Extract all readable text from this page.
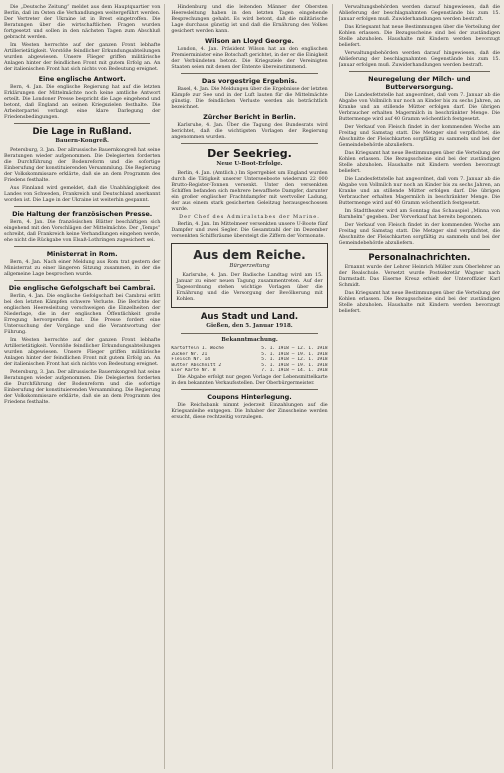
Die „Deutsche Zeitung“ meldet aus dem Hauptquartier von Berlin, daß im Osten die Verhandlungen weitergeführt werden. Der Vertreter der Ukraine ist in Brest eingetroffen. Die Beratungen über die wirtschaftlichen Fragen wurden fortgesetzt und sollen in den nächsten Tagen zum Abschluß gebracht werden.

Im Westen herrschte auf der ganzen Front lebhafte Artillerietätigkeit. Vorstöße feindlicher Erkundungsabteilungen wurden abgewiesen. Unsere Flieger griffen militärische Anlagen hinter der feindlichen Front mit gutem Erfolg an. An der italienischen Front hat sich nichts von Bedeutung ereignet.

Eine englische Antwort.

Bern, 4. Jan. Die englische Regierung hat auf die letzten Erklärungen der Mittelmächte noch keine amtliche Antwort erteilt. Die Londoner Presse bespricht die Lage eingehend und betont, daß England an seinen Kriegszielen festhalte. Die Arbeiterpartei verlangt eine klare Darlegung der Friedensbedingungen.

Die Lage in Rußland.
Bauern-Kongreß.

Petersburg, 3. Jan. Der allrussische Bauernkongreß hat seine Beratungen wieder aufgenommen. Die Delegierten forderten die Durchführung der Bodenreform und die sofortige Einberufung der konstituierenden Versammlung. Die Regierung der Volkskommissare erklärte, daß sie an dem Programm des Friedens festhalte.

Aus Finnland wird gemeldet, daß die Unabhängigkeit des Landes von Schweden, Frankreich und Deutschland anerkannt worden ist. Die Lage in der Ukraine ist weiterhin gespannt.

Die Haltung der französischen Presse.

Bern, 4. Jan. Die französischen Blätter beschäftigen sich eingehend mit den Vorschlägen der Mittelmächte. Der „Temps“ schreibt, daß Frankreich keine Verhandlungen eingehen werde, ehe nicht die Rückgabe von Elsaß-Lothringen zugesichert sei.

Ministerrat in Rom.

Bern, 4. Jan. Nach einer Meldung aus Rom trat gestern der Ministerrat zu einer längeren Sitzung zusammen, in der die allgemeine Lage besprochen wurde.

Die englische Gefolgschaft bei Cambrai.

Berlin, 4. Jan. Die englische Gefolgschaft bei Cambrai erlitt bei den letzten Kämpfen schwere Verluste. Die Berichte der englischen Heeresleitung verschweigen die Einzelheiten der Niederlage, die in der englischen Öffentlichkeit große Erregung hervorgerufen hat. Die Presse fordert eine Untersuchung der Vorgänge und die Verantwortung der Führung.

Im Westen herrschte auf der ganzen Front lebhafte Artillerietätigkeit. Vorstöße feindlicher Erkundungsabteilungen wurden abgewiesen. Unsere Flieger griffen militärische Anlagen hinter der feindlichen Front mit gutem Erfolg an. An der italienischen Front hat sich nichts von Bedeutung ereignet.

Petersburg, 3. Jan. Der allrussische Bauernkongreß hat seine Beratungen wieder aufgenommen. Die Delegierten forderten die Durchführung der Bodenreform und die sofortige Einberufung der konstituierenden Versammlung. Die Regierung der Volkskommissare erklärte, daß sie an dem Programm des Friedens festhalte.

Hindenburg und die leitenden Männer der Obersten Heeresleitung haben in den letzten Tagen eingehende Besprechungen gehabt. Es wird betont, daß die militärische Lage durchaus günstig ist und daß die Ernährung des Volkes gesichert werden kann.

Wilson an Lloyd George.

London, 4. Jan. Präsident Wilson hat an den englischen Premierminister eine Botschaft gerichtet, in der er die Einigkeit der Verbündeten betont. Die Kriegsziele der Vereinigten Staaten seien mit denen der Entente übereinstimmend.

Das vorgestrige Ergebnis.

Basel, 4. Jan. Die Meldungen über die Ergebnisse der letzten Kämpfe zur See und in der Luft lauten für die Mittelmächte günstig. Die feindlichen Verluste werden als beträchtlich bezeichnet.

Zürcher Bericht in Berlin.

Karlsruhe, 4. Jan. Über die Tagung des Bundesrats wird berichtet, daß die wichtigsten Vorlagen der Regierung angenommen wurden.

Der Seekrieg.
Neue U-Boot-Erfolge.

Berlin, 4. Jan. (Amtlich.) Im Sperrgebiet um England wurden durch die Tätigkeit unserer Unterseeboote wiederum 22 000 Brutto-Register-Tonnen versenkt. Unter den versenkten Schiffen befanden sich mehrere bewaffnete Dampfer, darunter ein großer englischer Frachtdampfer mit wertvoller Ladung, der aus einem stark gesicherten Geleitzug herausgeschossen wurde.

Der Chef des Admiralstabes der Marine.

Berlin, 4. Jan. Im Mittelmeer versenkten unsere U-Boote fünf Dampfer und zwei Segler. Die Gesamtzahl der im Dezember versenkten Schiffsräume übersteigt die Ziffern der Vormonate.

Aus dem Reiche.
Bürgerzeitung

Karlsruhe, 4. Jan. Der Badische Landtag wird am 15. Januar zu einer neuen Tagung zusammentreten. Auf der Tagesordnung stehen wichtige Vorlagen über die Ernährung und die Versorgung der Bevölkerung mit Kohlen.

Aus Stadt und Land.
Gießen, den 5. Januar 1918.
Bekanntmachung.
Kartoffeln 1. Woche	5. 1. 1918 — 12. 1. 1918
Zucker Nr. 21	5. 1. 1918 — 19. 1. 1918
Fleisch Nr. 14	5. 1. 1918 — 12. 1. 1918
Butter Abschnitt 2	5. 1. 1918 — 19. 1. 1918
Eier Karte Nr. 8	7. 1. 1918 — 14. 1. 1918

Die Abgabe erfolgt nur gegen Vorlage der Lebensmittelkarte in den bekannten Verkaufsstellen. Der Oberbürgermeister.

Coupons Hinterlegung.

Die Reichsbank nimmt jederzeit Einzahlungen auf die Kriegsanleihe entgegen. Die Inhaber der Zinsscheine werden ersucht, diese rechtzeitig vorzulegen.

Verwaltungsbehörden werden darauf hingewiesen, daß die Ablieferung der beschlagnahmten Gegenstände bis zum 15. Januar erfolgen muß. Zuwiderhandlungen werden bestraft.

Das Kriegsamt hat neue Bestimmungen über die Verteilung der Kohlen erlassen. Die Bezugsscheine sind bei der zuständigen Stelle abzuholen. Haushalte mit Kindern werden bevorzugt beliefert.

Verwaltungsbehörden werden darauf hingewiesen, daß die Ablieferung der beschlagnahmten Gegenstände bis zum 15. Januar erfolgen muß. Zuwiderhandlungen werden bestraft.

Neuregelung der Milch- und Butterversorgung.

Die Landesfettstelle hat angeordnet, daß vom 7. Januar ab die Abgabe von Vollmilch nur noch an Kinder bis zu sechs Jahren, an Kranke und an stillende Mütter erfolgen darf. Die übrigen Verbraucher erhalten Magermilch in beschränkter Menge. Die Buttermenge wird auf 40 Gramm wöchentlich festgesetzt.

Der Verkauf von Fleisch findet in der kommenden Woche am Freitag und Samstag statt. Die Metzger sind verpflichtet, die Abschnitte der Fleischkarten sorgfältig zu sammeln und bei der Gemeindebehörde abzuliefern.

Das Kriegsamt hat neue Bestimmungen über die Verteilung der Kohlen erlassen. Die Bezugsscheine sind bei der zuständigen Stelle abzuholen. Haushalte mit Kindern werden bevorzugt beliefert.

Die Landesfettstelle hat angeordnet, daß vom 7. Januar ab die Abgabe von Vollmilch nur noch an Kinder bis zu sechs Jahren, an Kranke und an stillende Mütter erfolgen darf. Die übrigen Verbraucher erhalten Magermilch in beschränkter Menge. Die Buttermenge wird auf 40 Gramm wöchentlich festgesetzt.

Im Stadttheater wird am Sonntag das Schauspiel „Minna von Barnhelm“ gegeben. Der Vorverkauf hat bereits begonnen.

Der Verkauf von Fleisch findet in der kommenden Woche am Freitag und Samstag statt. Die Metzger sind verpflichtet, die Abschnitte der Fleischkarten sorgfältig zu sammeln und bei der Gemeindebehörde abzuliefern.

Personalnachrichten.

Ernannt wurde der Lehrer Heinrich Müller zum Oberlehrer an der Realschule. Versetzt wurde Postsekretär Wagner nach Darmstadt. Das Eiserne Kreuz erhielt der Unteroffizier Karl Schmidt.

Das Kriegsamt hat neue Bestimmungen über die Verteilung der Kohlen erlassen. Die Bezugsscheine sind bei der zuständigen Stelle abzuholen. Haushalte mit Kindern werden bevorzugt beliefert.
